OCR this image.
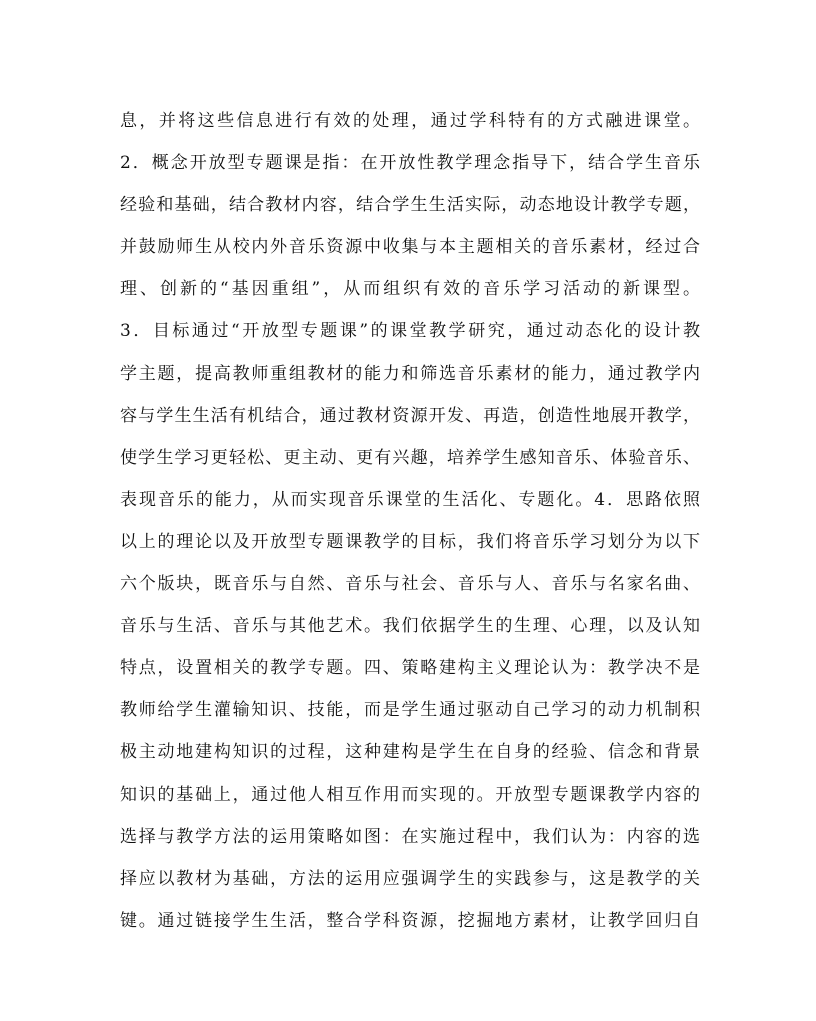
息，并将这些信息进行有效的处理，通过学科特有的方式融进课堂。
2．概念开放型专题课是指：在开放性教学理念指导下，结合学生音乐
经验和基础，结合教材内容，结合学生生活实际，动态地设计教学专题，
并鼓励师生从校内外音乐资源中收集与本主题相关的音乐素材，经过合
理、创新的“基因重组”，从而组织有效的音乐学习活动的新课型。
3．目标通过“开放型专题课”的课堂教学研究，通过动态化的设计教
学主题，提高教师重组教材的能力和筛选音乐素材的能力，通过教学内
容与学生生活有机结合，通过教材资源开发、再造，创造性地展开教学，
使学生学习更轻松、更主动、更有兴趣，培养学生感知音乐、体验音乐、
表现音乐的能力，从而实现音乐课堂的生活化、专题化。4．思路依照
以上的理论以及开放型专题课教学的目标，我们将音乐学习划分为以下
六个版块，既音乐与自然、音乐与社会、音乐与人、音乐与名家名曲、
音乐与生活、音乐与其他艺术。我们依据学生的生理、心理，以及认知
特点，设置相关的教学专题。四、策略建构主义理论认为：教学决不是
教师给学生灌输知识、技能，而是学生通过驱动自己学习的动力机制积
极主动地建构知识的过程，这种建构是学生在自身的经验、信念和背景
知识的基础上，通过他人相互作用而实现的。开放型专题课教学内容的
选择与教学方法的运用策略如图：在实施过程中，我们认为：内容的选
择应以教材为基础，方法的运用应强调学生的实践参与，这是教学的关
键。通过链接学生生活，整合学科资源，挖掘地方素材，让教学回归自
